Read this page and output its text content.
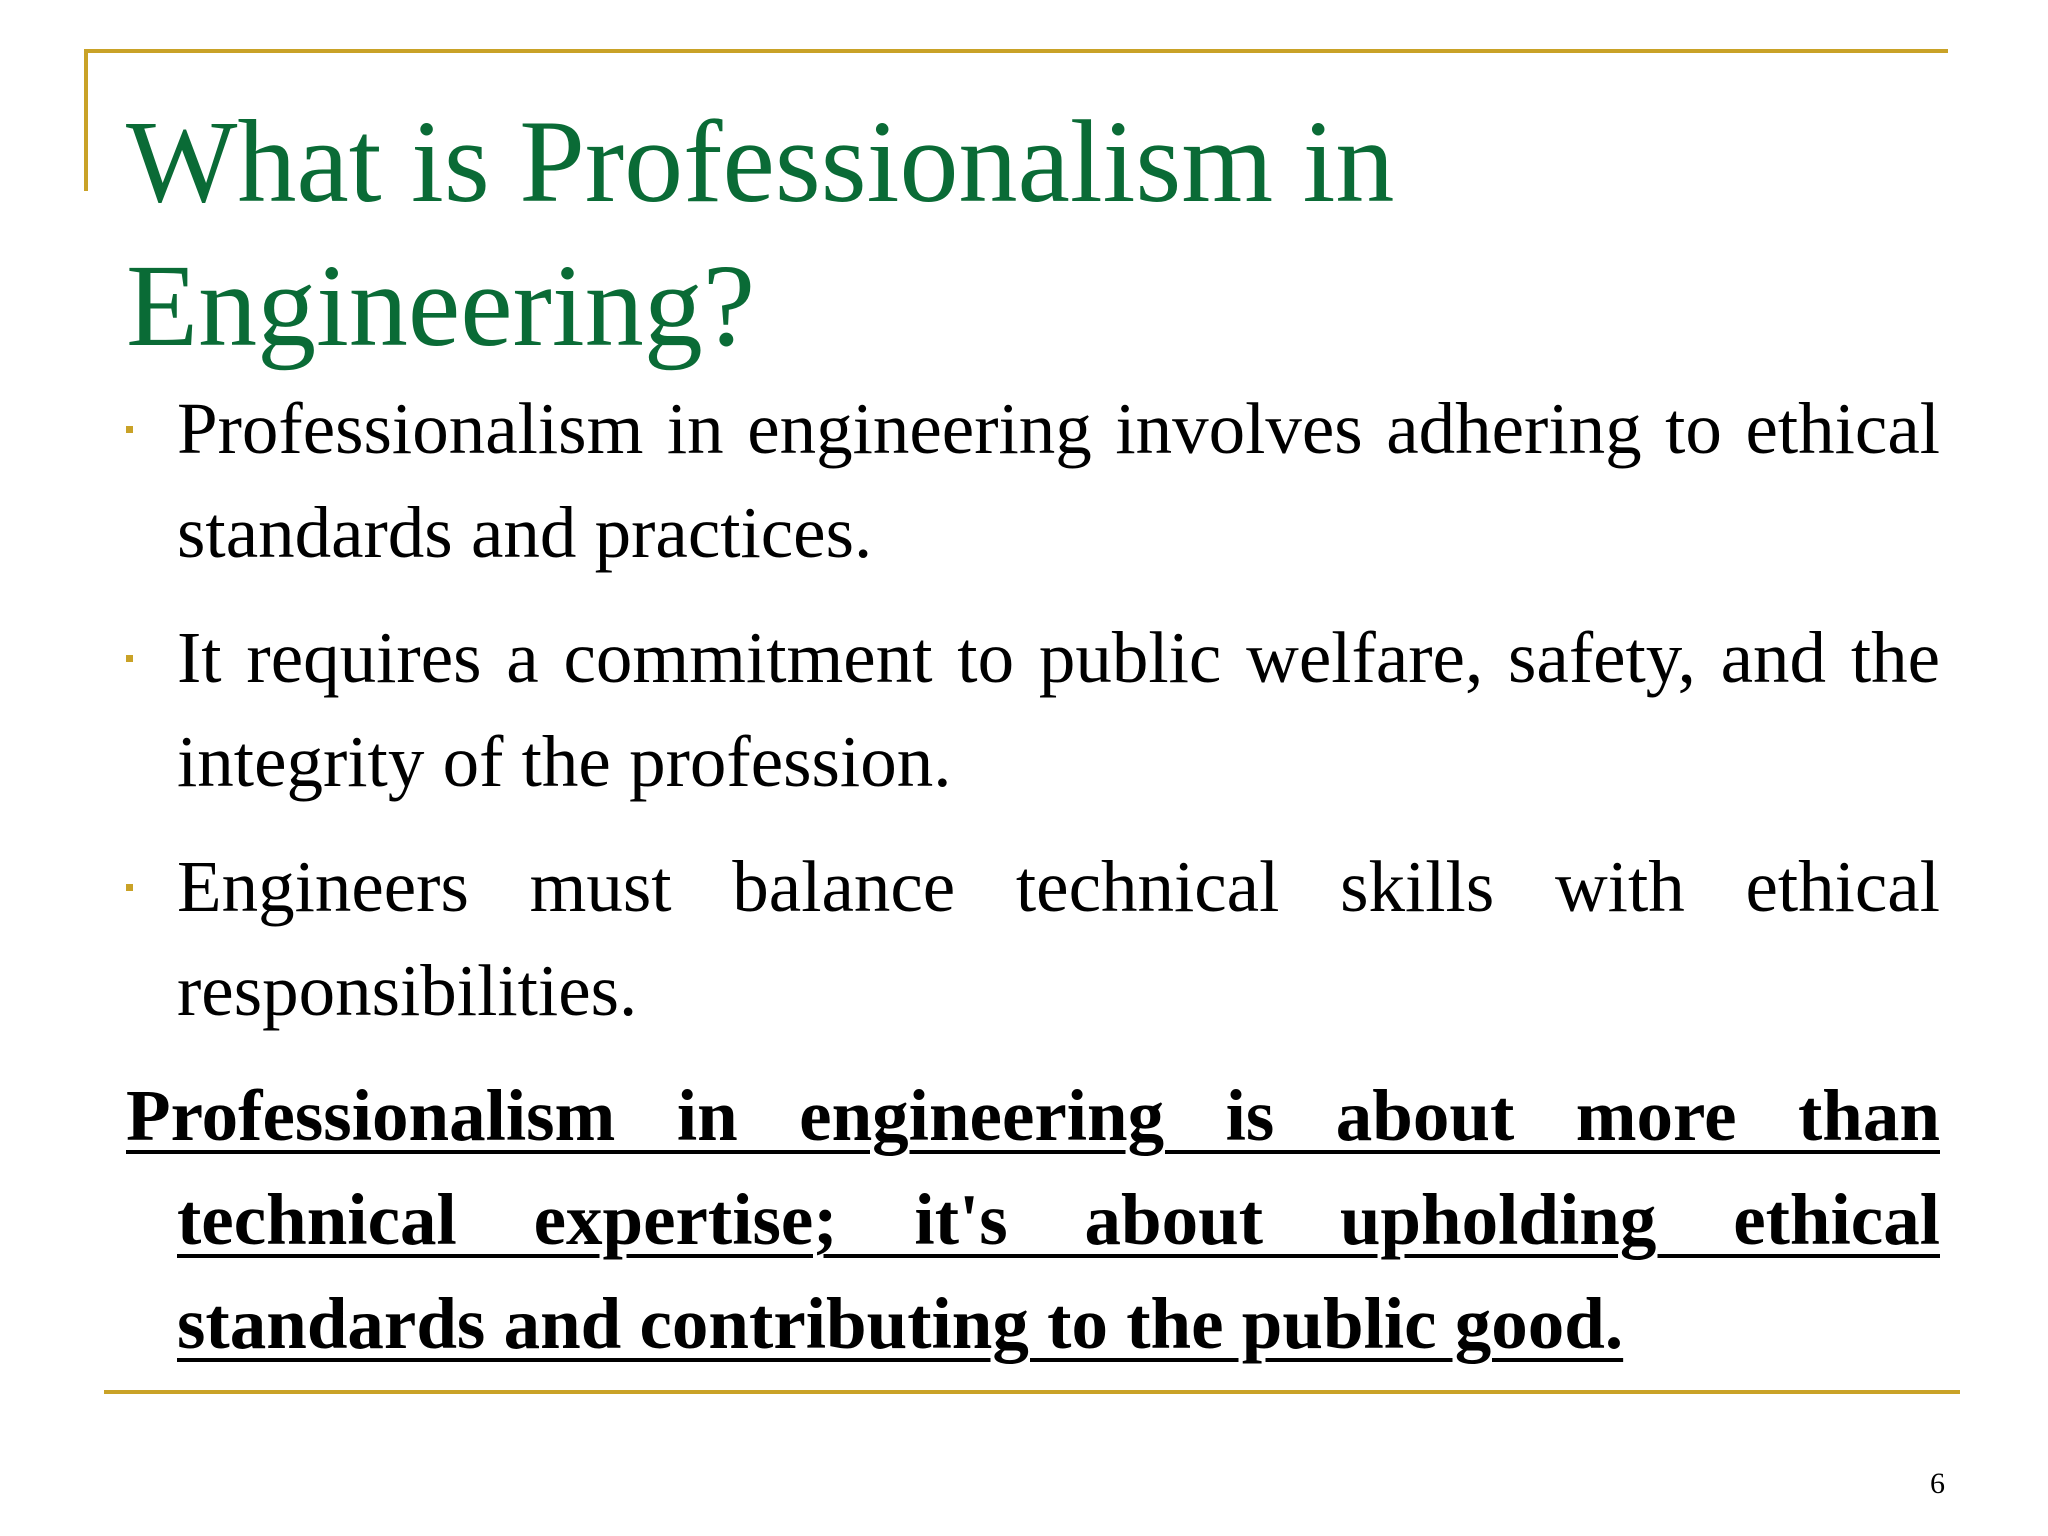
What is Professionalism in Engineering?
Professionalism in engineering involves adhering to ethical standards and practices.
It requires a commitment to public welfare, safety, and the integrity of the profession.
Engineers must balance technical skills with ethical responsibilities.

Professionalism in engineering is about more than technical expertise; it's about upholding ethical standards and contributing to the public good.

6
